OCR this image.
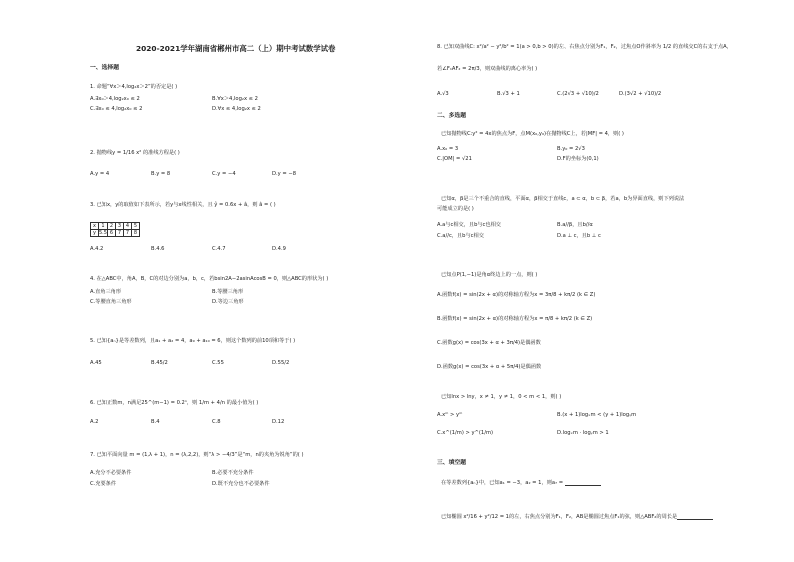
2020-2021学年湖南省郴州市高二（上）期中考试数学试卷
一、选择题
1. 命题“∀x＞4,log₂x＞2”的否定是( )
A.∃x₀＞4,log₂x₀ ≤ 2	B.∀x＞4,log₂x ≤ 2
C.∃x₀ ≤ 4,log₂x₀ ≤ 2	D.∀x ≤ 4,log₂x ≤ 2
2. 抛物线y = 1/16 x² 的准线方程是( )
A.y = 4	B.y = 8	C.y = −4	D.y = −8
3. 已知x，y的取值如下表所示，若y与x线性相关，且 ŷ = 0.6x + â，则 â = ( )
x	1	2	3	4	5
y	5.5	6	7	7	8
A.4.2	B.4.6	C.4.7	D.4.9
4. 在△ABC中，角A，B，C的对边分别为a，b，c，若bsin2A−2asinAcosB = 0，则△ABC的形状为( )
A.直角三角形	B.等腰三角形
C.等腰直角三角形	D.等边三角形
5. 已知{aₙ}是等差数列，且a₁ + a₂ = 4，a₉ + a₁₀ = 6，则这个数列的前10项和等于( )
A.45	B.45/2	C.55	D.55/2
6. 已知正数m，n满足25^(m−1) = 0.2ⁿ，则 1/m + 4/n 的最小值为( )
A.2	B.4	C.8	D.12
7. 已知平面向量 m = (1,λ + 1)，n = (λ,2,2)，则“λ > −4/3”是“m，n的夹角为锐角”的( )
A.充分不必要条件	B.必要不充分条件
C.充要条件	D.既不充分也不必要条件
8. 已知双曲线C: x²/a² − y²/b² = 1(a > 0,b > 0)的左、右焦点分别为F₁，F₂，过焦点O作斜率为 1/2 的直线交C的右支于点A，
若∠F₁AF₂ = 2π/3，则双曲线的离心率为( )
A.√3	B.√3 + 1	C.(2√3 + √10)/2	D.(3√2 + √10)/2
二、多选题
已知抛物线C:y² = 4x的焦点为F，点M(x₀,y₀)在抛物线C上，若|MF| = 4，则( )
A.x₀ = 3	B.y₀ = 2√3
C.|OM| = √21	D.F的坐标为(0,1)
已知α，β是三个不重合的直线，平面α，β相交于直线c，a ⊂ α，b ⊂ β，若a，b为异面直线，则下列说法
可能成立的是( )
A.a与c相交，且b与c也相交	B.a//β，且b//α
C.a//c，且b与c相交	D.a ⊥ c，且b ⊥ c
已知点P(1,−1)是角α终边上的一点，则( )
A.函数f(x) = sin(2x + α)的对称轴方程为x = 3π/8 + kπ/2 (k ∈ Z)
B.函数f(x) = sin(2x + α)的对称轴方程为x = π/8 + kπ/2 (k ∈ Z)
C.函数g(x) = cos(3x + α + 3π/4)是偶函数
D.函数g(x) = cos(3x + α + 5π/4)是偶函数
已知lnx > lny，x ≠ 1，y ≠ 1，0 < m < 1，则( )
A.xᵐ > yᵐ	B.(x + 1)logₓm < (y + 1)logᵧm
C.x^(1/m) > y^(1/m)	D.logₓm · logᵧm > 1
三、填空题
在等差数列{aₙ}中，已知a₁ = −3，a₂ = 1，则a₇ =
已知椭圆 x²/16 + y²/12 = 1的左，右焦点分别为F₁，F₂，AB是椭圆过焦点F₁的弦，则△ABF₂的周长是
